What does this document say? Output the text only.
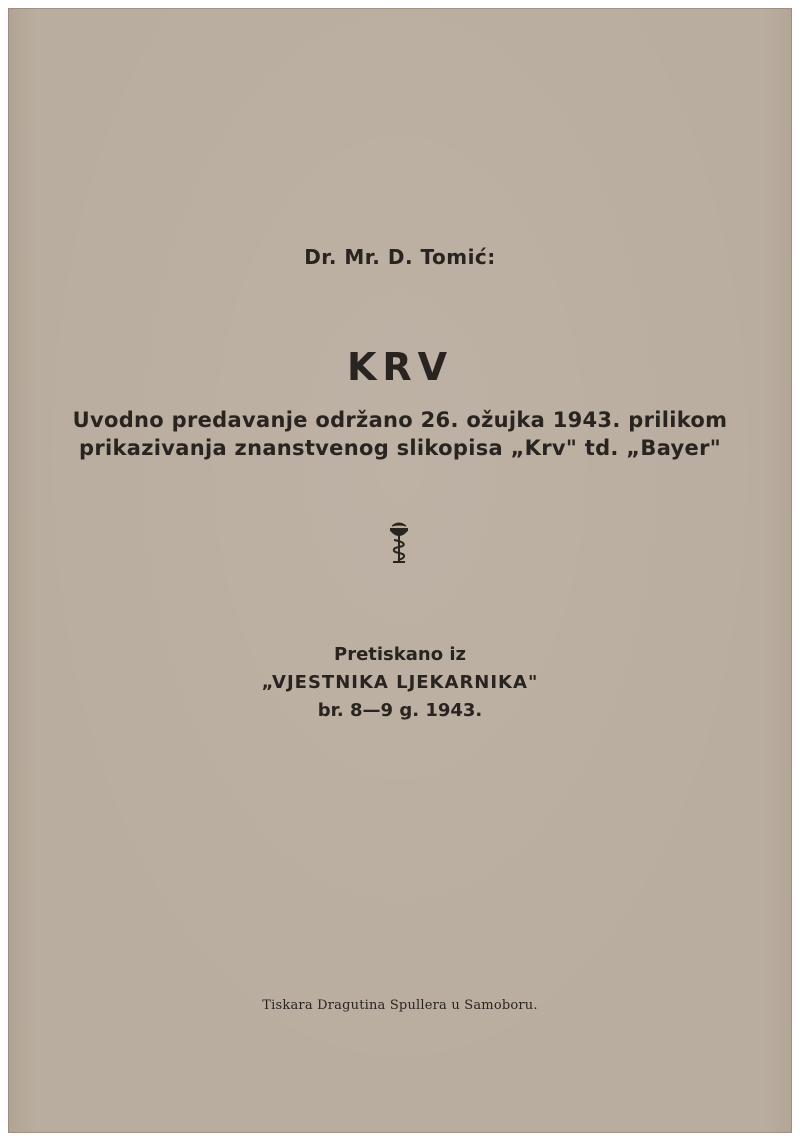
Dr. Mr. D. Tomić:
KRV
Uvodno predavanje održano 26. ožujka 1943. prilikom
prikazivanja znanstvenog slikopisa „Krv" td. „Bayer"
Pretiskano iz
„VJESTNIKA LJEKARNIKA"
br. 8—9 g. 1943.
Tiskara Dragutina Spullera u Samoboru.
